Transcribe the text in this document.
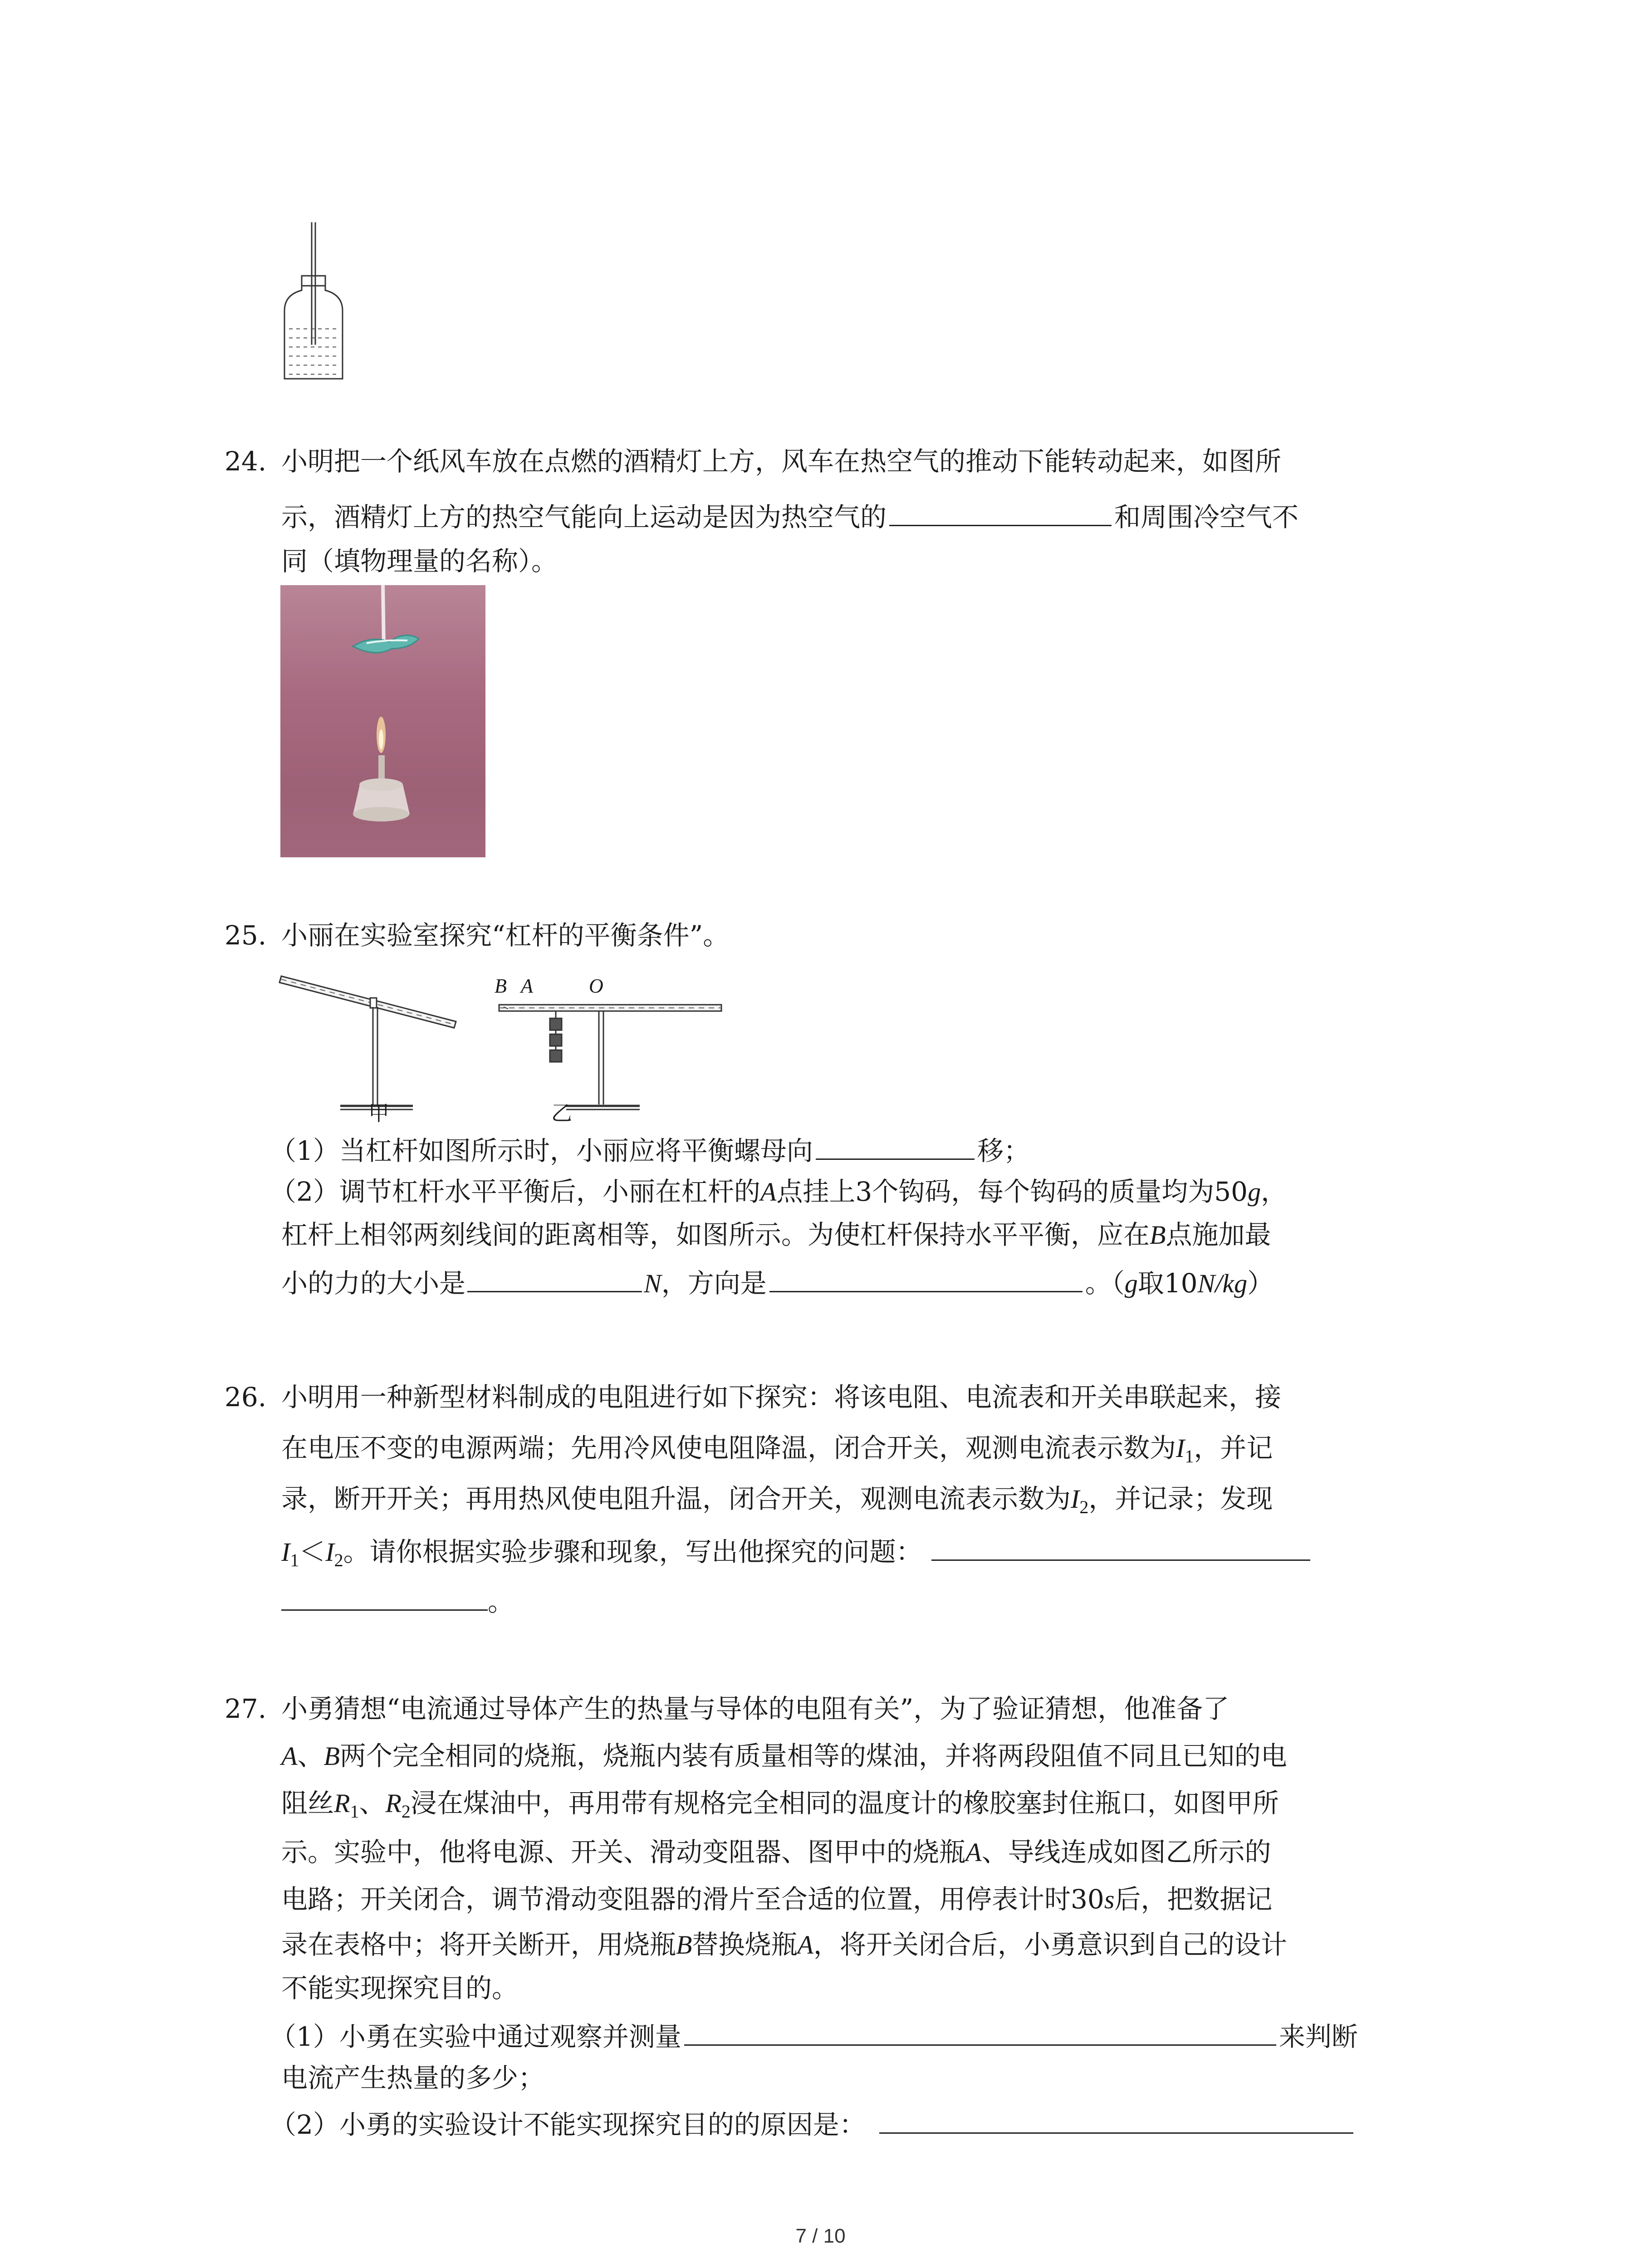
24. 小明把一个纸风车放在点燃的酒精灯上方，风车在热空气的推动下能转动起来，如图所
示，酒精灯上方的热空气能向上运动是因为热空气的	和周围冷空气不
同（填物理量的名称）。
25. 小丽在实验室探究“杠杆的平衡条件”。
B A	O
甲	乙
（1）当杠杆如图所示时，小丽应将平衡螺母向	移；
（2）调节杠杆水平平衡后，小丽在杠杆的A点挂上3个钩码，每个钩码的质量均为50g，
杠杆上相邻两刻线间的距离相等，如图所示。为使杠杆保持水平平衡，应在B点施加最
小的力的大小是	N，方向是	。（g取10N/kg）
26. 小明用一种新型材料制成的电阻进行如下探究：将该电阻、电流表和开关串联起来，接
在电压不变的电源两端；先用冷风使电阻降温，闭合开关，观测电流表示数为$I_1$，并记
录，断开开关；再用热风使电阻升温，闭合开关，观测电流表示数为$I_2$，并记录；发现
$I_1<I_2$。请你根据实验步骤和现象，写出他探究的问题：
。
27. 小勇猜想“电流通过导体产生的热量与导体的电阻有关”，为了验证猜想，他准备了
A、B两个完全相同的烧瓶，烧瓶内装有质量相等的煤油，并将两段阻值不同且已知的电
阻丝$R_1$、$R_2$浸在煤油中，再用带有规格完全相同的温度计的橡胶塞封住瓶口，如图甲所
示。实验中，他将电源、开关、滑动变阻器、图甲中的烧瓶A、导线连成如图乙所示的
电路；开关闭合，调节滑动变阻器的滑片至合适的位置，用停表计时30s后，把数据记
录在表格中；将开关断开，用烧瓶B替换烧瓶A，将开关闭合后，小勇意识到自己的设计
不能实现探究目的。
（1）小勇在实验中通过观察并测量	来判断
电流产生热量的多少；
（2）小勇的实验设计不能实现探究目的的原因是：
7 / 10
